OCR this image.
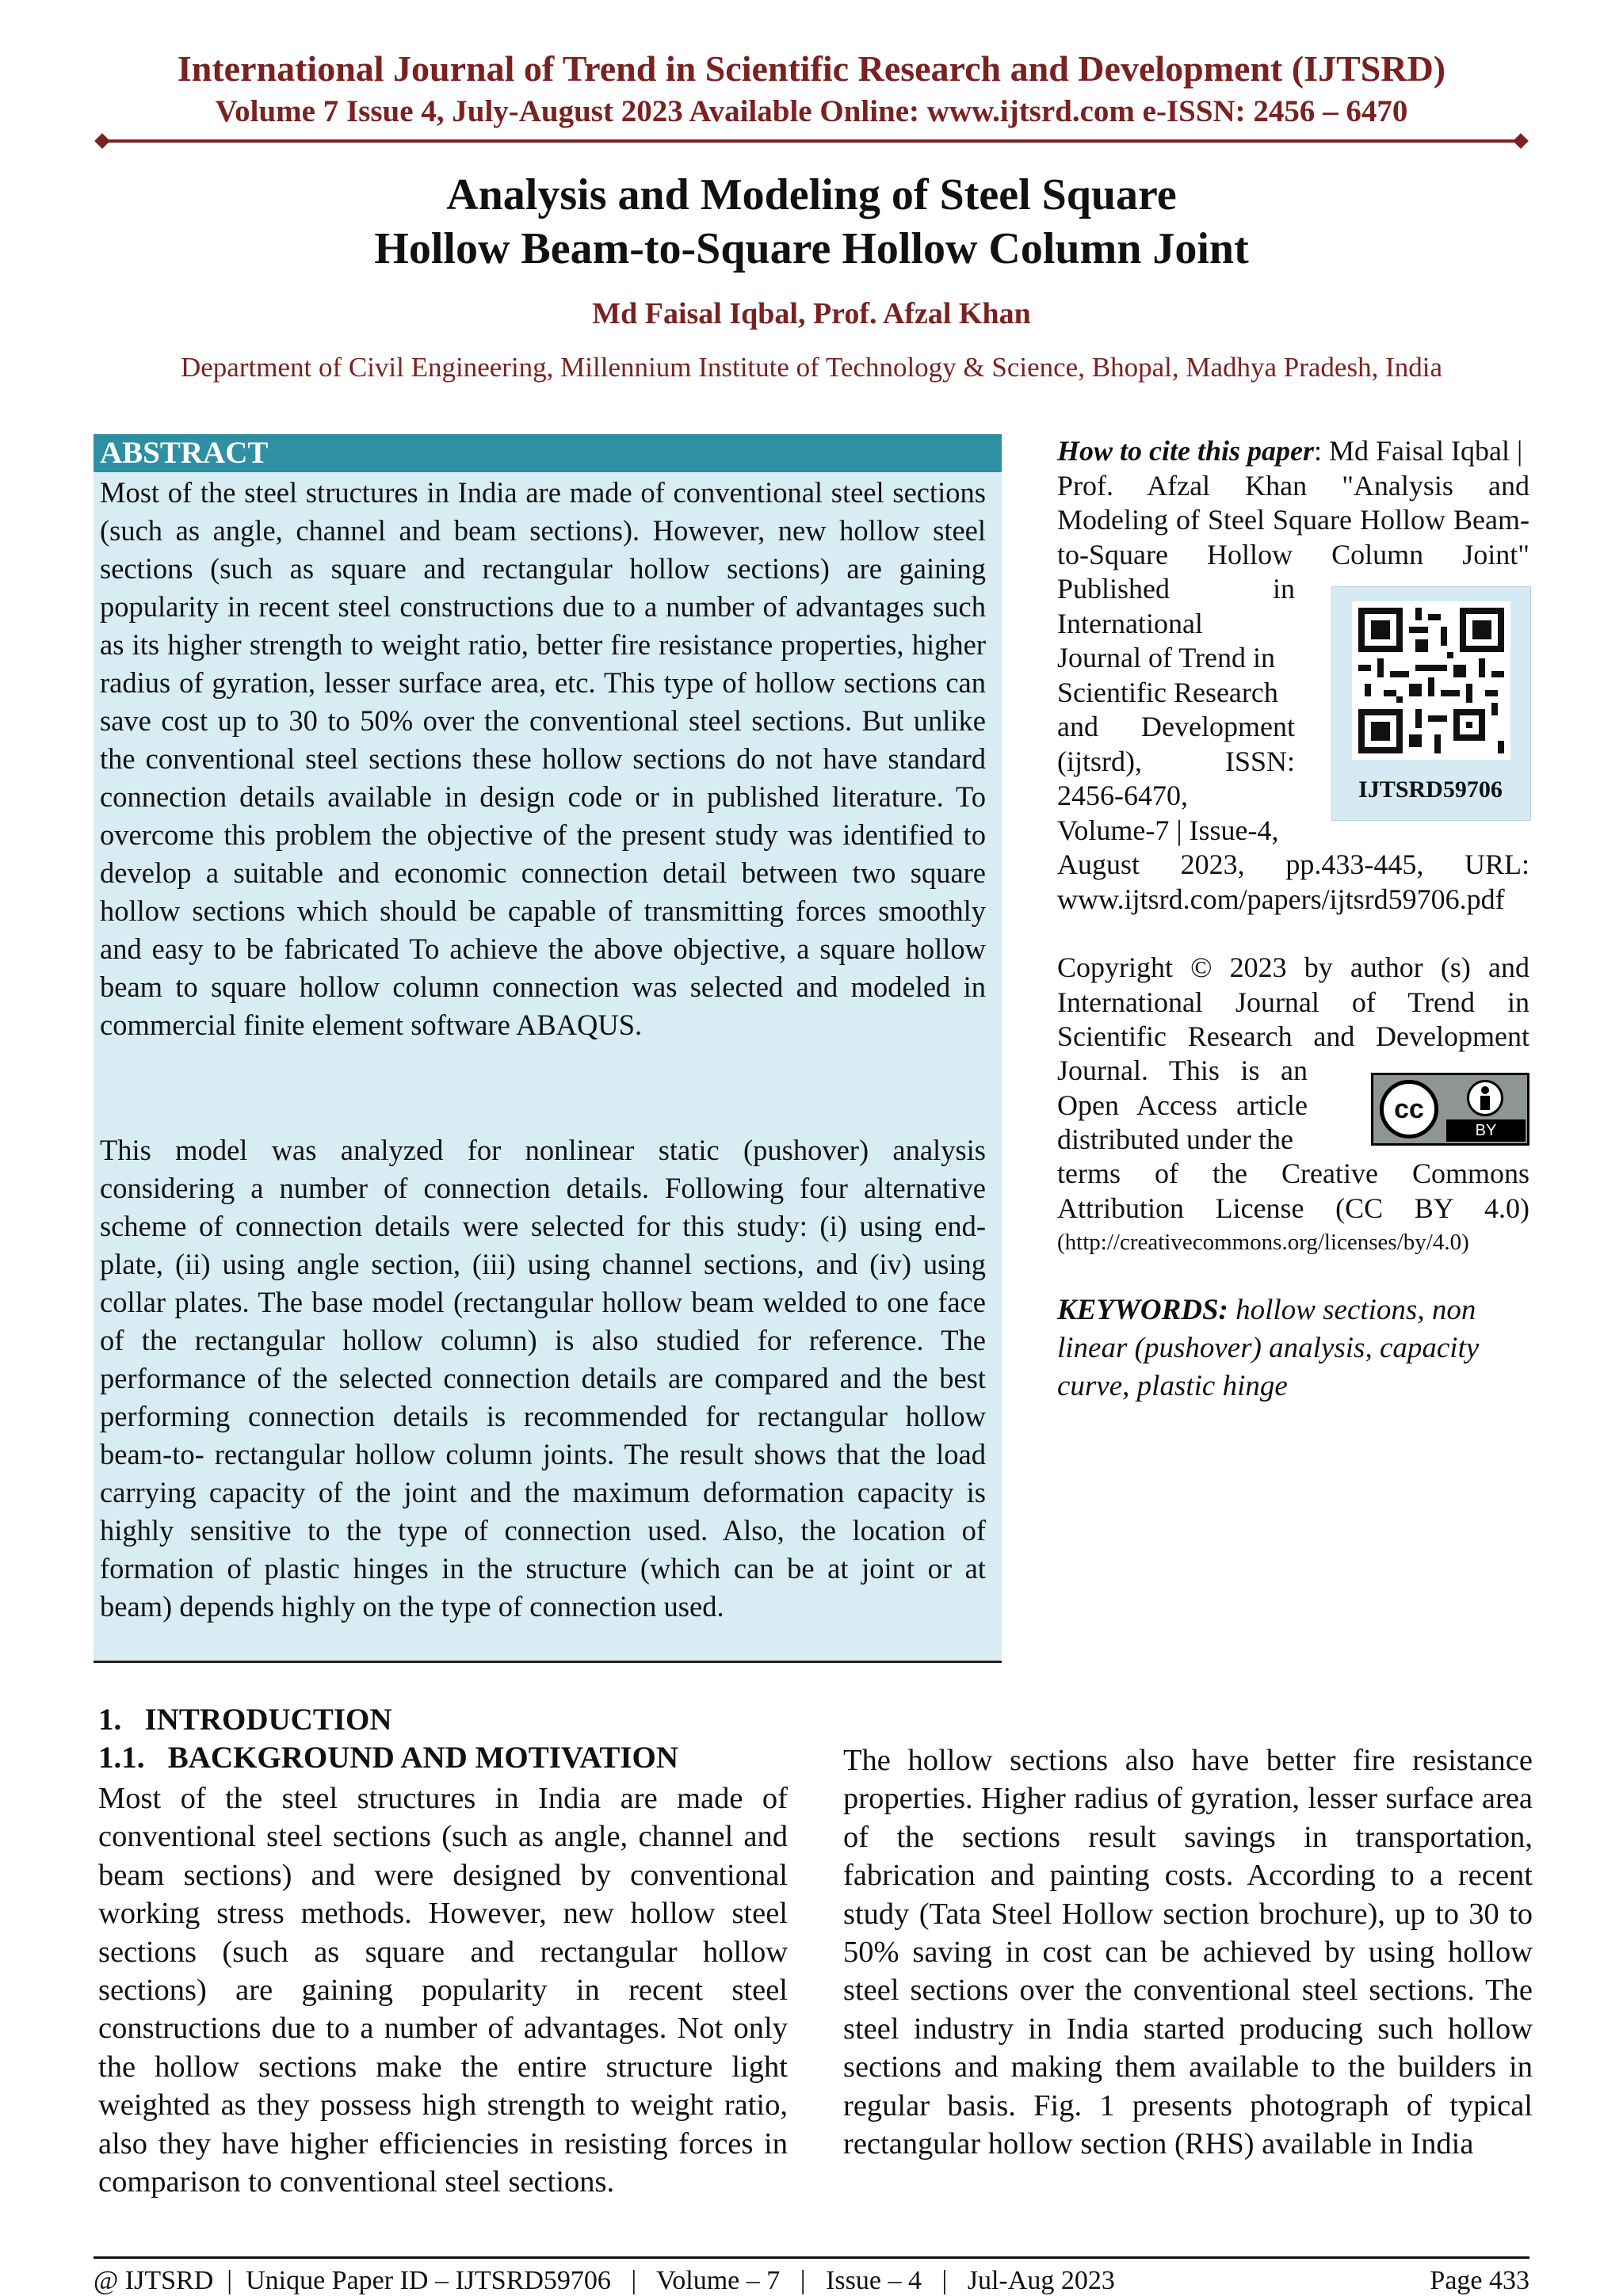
International Journal of Trend in Scientific Research and Development (IJTSRD)
Volume 7 Issue 4, July-August 2023 Available Online: www.ijtsrd.com e-ISSN: 2456 – 6470
Analysis and Modeling of Steel Square
Hollow Beam-to-Square Hollow Column Joint
Md Faisal Iqbal, Prof. Afzal Khan
Department of Civil Engineering, Millennium Institute of Technology & Science, Bhopal, Madhya Pradesh, India
ABSTRACT

Most of the steel structures in India are made of conventional steel sections (such as angle, channel and beam sections). However, new hollow steel sections (such as square and rectangular hollow sections) are gaining popularity in recent steel constructions due to a number of advantages such as its higher strength to weight ratio, better fire resistance properties, higher radius of gyration, lesser surface area, etc. This type of hollow sections can save cost up to 30 to 50% over the conventional steel sections. But unlike the conventional steel sections these hollow sections do not have standard connection details available in design code or in published literature. To overcome this problem the objective of the present study was identified to develop a suitable and economic connection detail between two square hollow sections which should be capable of transmitting forces smoothly and easy to be fabricated To achieve the above objective, a square hollow beam to square hollow column connection was selected and modeled in commercial finite element software ABAQUS.

This model was analyzed for nonlinear static (pushover) analysis considering a number of connection details. Following four alternative scheme of connection details were selected for this study: (i) using end-plate, (ii) using angle section, (iii) using channel sections, and (iv) using collar plates. The base model (rectangular hollow beam welded to one face of the rectangular hollow column) is also studied for reference. The performance of the selected connection details are compared and the best performing connection details is recommended for rectangular hollow beam-to- rectangular hollow column joints. The result shows that the load carrying capacity of the joint and the maximum deformation capacity is highly sensitive to the type of connection used. Also, the location of formation of plastic hinges in the structure (which can be at joint or at beam) depends highly on the type of connection used.

How to cite this paper: Md Faisal Iqbal |
Prof. Afzal Khan "Analysis and
Modeling of Steel Square Hollow Beam-
to-Square Hollow Column Joint"
Published in
International
Journal of Trend in
Scientific Research
and Development
(ijtsrd), ISSN:
2456-6470,
Volume-7 | Issue-4,
August 2023, pp.433-445, URL:
www.ijtsrd.com/papers/ijtsrd59706.pdf
IJTSRD59706
Copyright © 2023 by author (s) and
International Journal of Trend in
Scientific Research and Development
Journal. This is an
Open Access article
distributed under the
cc
BY
terms of the Creative Commons
Attribution License (CC BY 4.0)
(http://creativecommons.org/licenses/by/4.0)
KEYWORDS: hollow sections, non linear (pushover) analysis, capacity curve, plastic hinge
1.   INTRODUCTION
1.1.   BACKGROUND AND MOTIVATION

Most of the steel structures in India are made of conventional steel sections (such as angle, channel and beam sections) and were designed by conventional working stress methods. However, new hollow steel sections (such as square and rectangular hollow sections) are gaining popularity in recent steel constructions due to a number of advantages. Not only the hollow sections make the entire structure light weighted as they possess high strength to weight ratio, also they have higher efficiencies in resisting forces in comparison to conventional steel sections.

The hollow sections also have better fire resistance properties. Higher radius of gyration, lesser surface area of the sections result savings in transportation, fabrication and painting costs. According to a recent study (Tata Steel Hollow section brochure), up to 30 to 50% saving in cost can be achieved by using hollow steel sections over the conventional steel sections. The steel industry in India started producing such hollow sections and making them available to the builders in regular basis. Fig. 1 presents photograph of typical rectangular hollow section (RHS) available in India

@ IJTSRD  |  Unique Paper ID – IJTSRD59706   |   Volume – 7   |   Issue – 4   |   Jul-Aug 2023	Page 433
